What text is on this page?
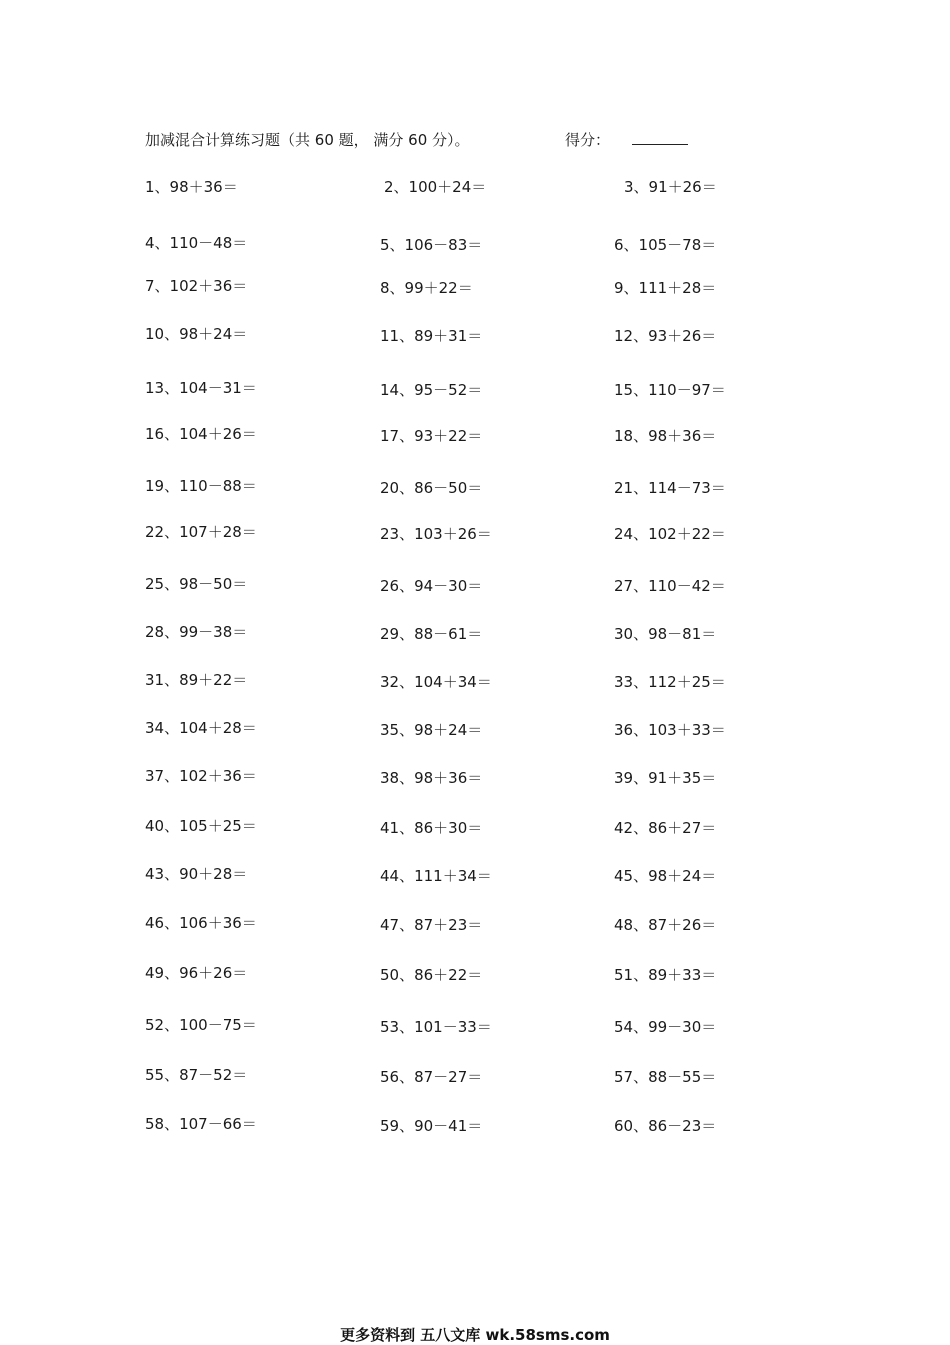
加减混合计算练习题（共 60 题， 满分 60 分）。	得分：
1、98＋36＝	2、100＋24＝	3、91＋26＝
4、110－48＝	5、106－83＝	6、105－78＝
7、102＋36＝	8、99＋22＝	9、111＋28＝
10、98＋24＝	11、89＋31＝	12、93＋26＝
13、104－31＝	14、95－52＝	15、110－97＝
16、104＋26＝	17、93＋22＝	18、98＋36＝
19、110－88＝	20、86－50＝	21、114－73＝
22、107＋28＝	23、103＋26＝	24、102＋22＝
25、98－50＝	26、94－30＝	27、110－42＝
28、99－38＝	29、88－61＝	30、98－81＝
31、89＋22＝	32、104＋34＝	33、112＋25＝
34、104＋28＝	35、98＋24＝	36、103＋33＝
37、102＋36＝	38、98＋36＝	39、91＋35＝
40、105＋25＝	41、86＋30＝	42、86＋27＝
43、90＋28＝	44、111＋34＝	45、98＋24＝
46、106＋36＝	47、87＋23＝	48、87＋26＝
49、96＋26＝	50、86＋22＝	51、89＋33＝
52、100－75＝	53、101－33＝	54、99－30＝
55、87－52＝	56、87－27＝	57、88－55＝
58、107－66＝	59、90－41＝	60、86－23＝
更多资料到 五八文库 wk.58sms.com
